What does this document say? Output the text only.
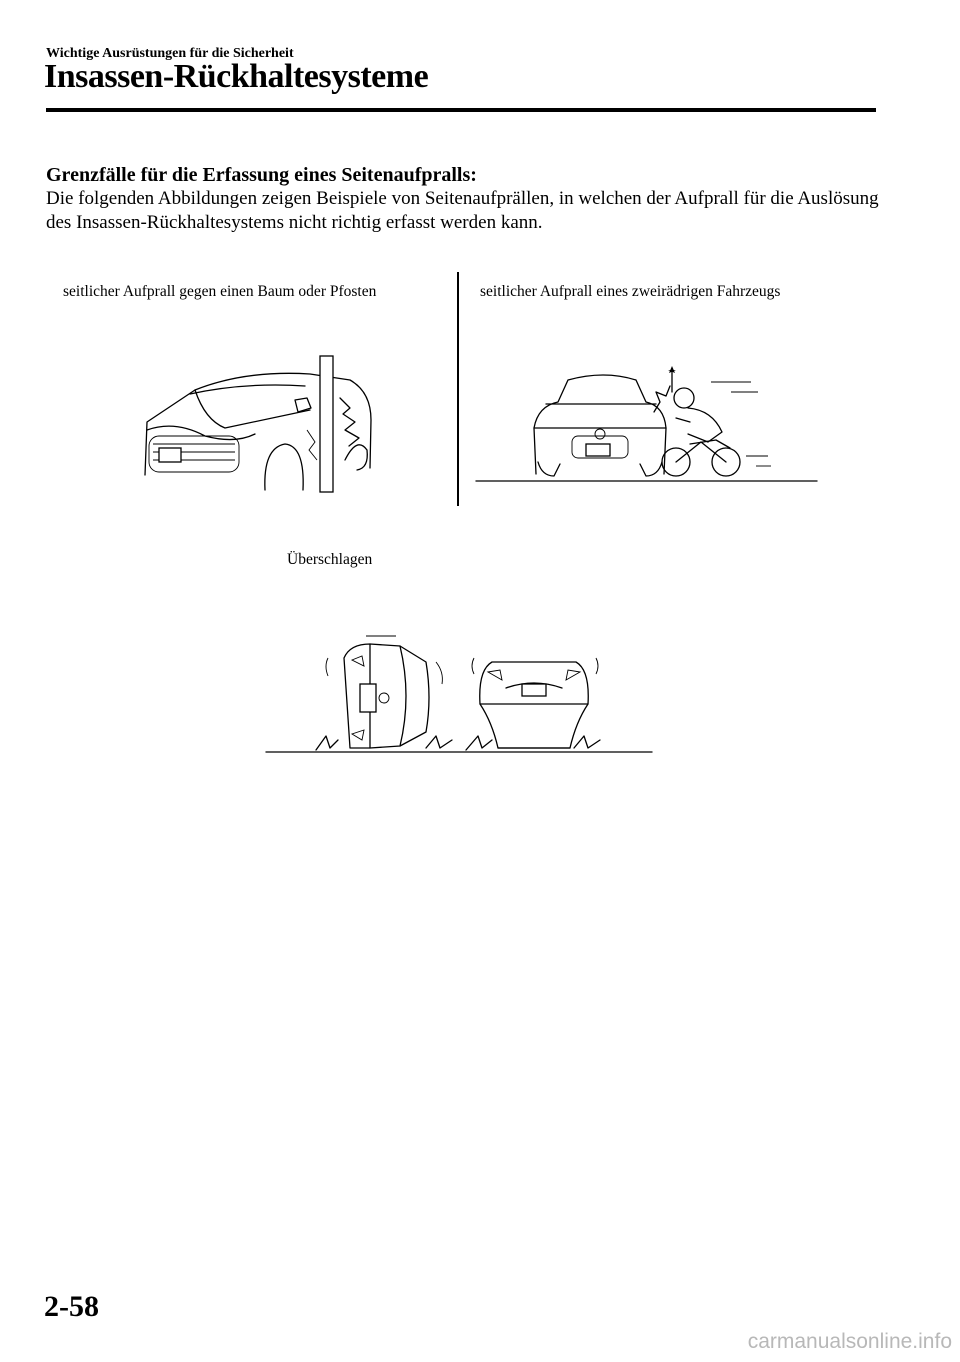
Wichtige Ausrüstungen für die Sicherheit
Insassen-Rückhaltesysteme
Grenzfälle für die Erfassung eines Seitenaufpralls:
Die folgenden Abbildungen zeigen Beispiele von Seitenaufprällen, in welchen der Aufprall für die Auslösung des Insassen-Rückhaltesystems nicht richtig erfasst werden kann.
seitlicher Aufprall gegen einen Baum oder Pfosten	seitlicher Aufprall eines zweirädrigen Fahrzeugs
Überschlagen
2-58
carmanualsonline.info
